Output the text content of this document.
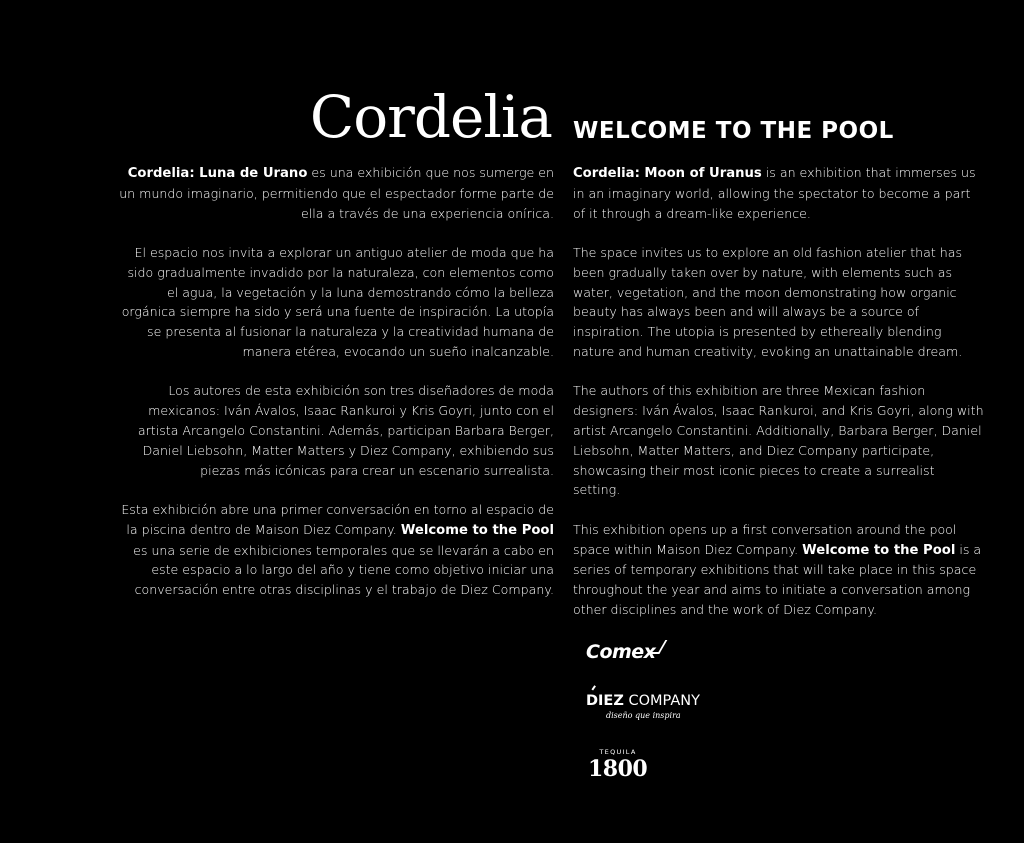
Cordelia WELCOME TO THE POOL

Cordelia: Luna de Urano es una exhibición que nos sumerge en un mundo imaginario, permitiendo que el espectador forme parte de ella a través de una experiencia onírica.

El espacio nos invita a explorar un antiguo atelier de moda que ha sido gradualmente invadido por la naturaleza, con elementos como el agua, la vegetación y la luna demostrando cómo la belleza orgánica siempre ha sido y será una fuente de inspiración. La utopía se presenta al fusionar la naturaleza y la creatividad humana de manera etérea, evocando un sueño inalcanzable.

Los autores de esta exhibición son tres diseñadores de moda mexicanos: Iván Ávalos, Isaac Rankuroi y Kris Goyri, junto con el artista Arcangelo Constantini. Además, participan Barbara Berger, Daniel Liebsohn, Matter Matters y Diez Company, exhibiendo sus piezas más icónicas para crear un escenario surrealista.

Esta exhibición abre una primer conversación en torno al espacio de la piscina dentro de Maison Diez Company. Welcome to the Pool es una serie de exhibiciones temporales que se llevarán a cabo en este espacio a lo largo del año y tiene como objetivo iniciar una conversación entre otras disciplinas y el trabajo de Diez Company.

Cordelia: Moon of Uranus is an exhibition that immerses us in an imaginary world, allowing the spectator to become a part of it through a dream-like experience.

The space invites us to explore an old fashion atelier that has been gradually taken over by nature, with elements such as water, vegetation, and the moon demonstrating how organic beauty has always been and will always be a source of inspiration. The utopia is presented by ethereally blending nature and human creativity, evoking an unattainable dream.

The authors of this exhibition are three Mexican fashion designers: Iván Ávalos, Isaac Rankuroi, and Kris Goyri, along with artist Arcangelo Constantini. Additionally, Barbara Berger, Daniel Liebsohn, Matter Matters, and Diez Company participate, showcasing their most iconic pieces to create a surrealist setting.

This exhibition opens up a first conversation around the pool space within Maison Diez Company. Welcome to the Pool is a series of temporary exhibitions that will take place in this space throughout the year and aims to initiate a conversation among other disciplines and the work of Diez Company.

Comex
DIEZ COMPANY
diseño que inspira
TEQUILA
1800
